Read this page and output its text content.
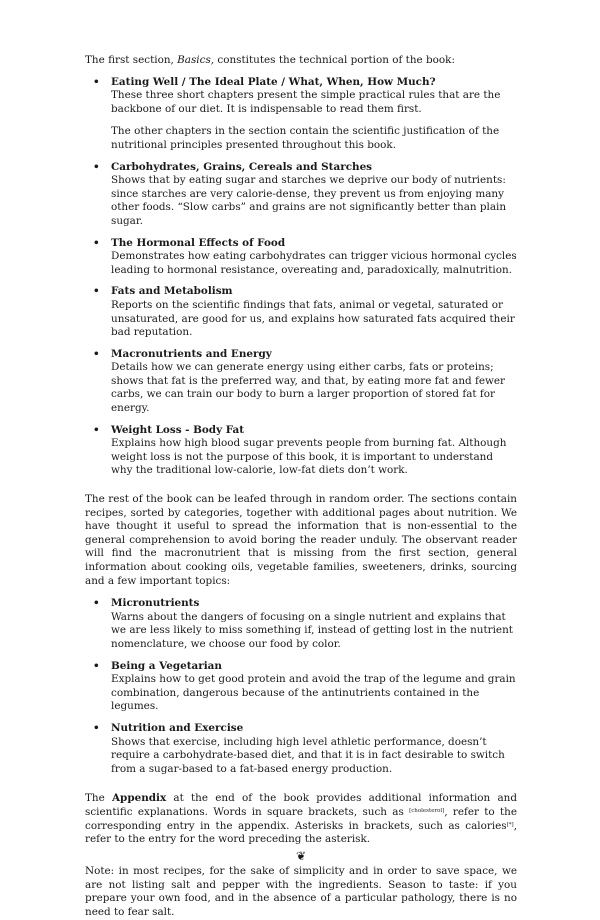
The first section, Basics, constitutes the technical portion of the book:

• Eating Well / The Ideal Plate / What, When, How Much?
These three short chapters present the simple practical rules that are the backbone of our diet. It is indispensable to read them first.
The other chapters in the section contain the scientific justification of the nutritional principles presented throughout this book.
• Carbohydrates, Grains, Cereals and Starches
Shows that by eating sugar and starches we deprive our body of nutrients: since starches are very calorie-dense, they prevent us from enjoying many other foods. “Slow carbs” and grains are not significantly better than plain sugar.
• The Hormonal Effects of Food
Demonstrates how eating carbohydrates can trigger vicious hormonal cycles leading to hormonal resistance, overeating and, paradoxically, malnutrition.
• Fats and Metabolism
Reports on the scientific findings that fats, animal or vegetal, saturated or unsaturated, are good for us, and explains how saturated fats acquired their bad reputation.
• Macronutrients and Energy
Details how we can generate energy using either carbs, fats or proteins; shows that fat is the preferred way, and that, by eating more fat and fewer carbs, we can train our body to burn a larger proportion of stored fat for energy.
• Weight Loss - Body Fat
Explains how high blood sugar prevents people from burning fat. Although weight loss is not the purpose of this book, it is important to understand why the traditional low-calorie, low-fat diets don’t work.

The rest of the book can be leafed through in random order. The sections contain recipes, sorted by categories, together with additional pages about nutrition. We have thought it useful to spread the information that is non-essential to the general comprehension to avoid boring the reader unduly. The observant reader will find the macronutrient that is missing from the first section, general information about cooking oils, vegetable families, sweeteners, drinks, sourcing and a few important topics:

• Micronutrients
Warns about the dangers of focusing on a single nutrient and explains that we are less likely to miss something if, instead of getting lost in the nutrient nomenclature, we choose our food by color.
• Being a Vegetarian
Explains how to get good protein and avoid the trap of the legume and grain combination, dangerous because of the antinutrients contained in the legumes.
• Nutrition and Exercise
Shows that exercise, including high level athletic performance, doesn’t require a carbohydrate-based diet, and that it is in fact desirable to switch from a sugar-based to a fat-based energy production.

The Appendix at the end of the book provides additional information and scientific explanations. Words in square brackets, such as [cholesterol], refer to the corresponding entry in the appendix. Asterisks in brackets, such as calories[*], refer to the entry for the word preceding the asterisk.

❦

Note: in most recipes, for the sake of simplicity and in order to save space, we are not listing salt and pepper with the ingredients. Season to taste: if you prepare your own food, and in the absence of a particular pathology, there is no need to fear salt.
